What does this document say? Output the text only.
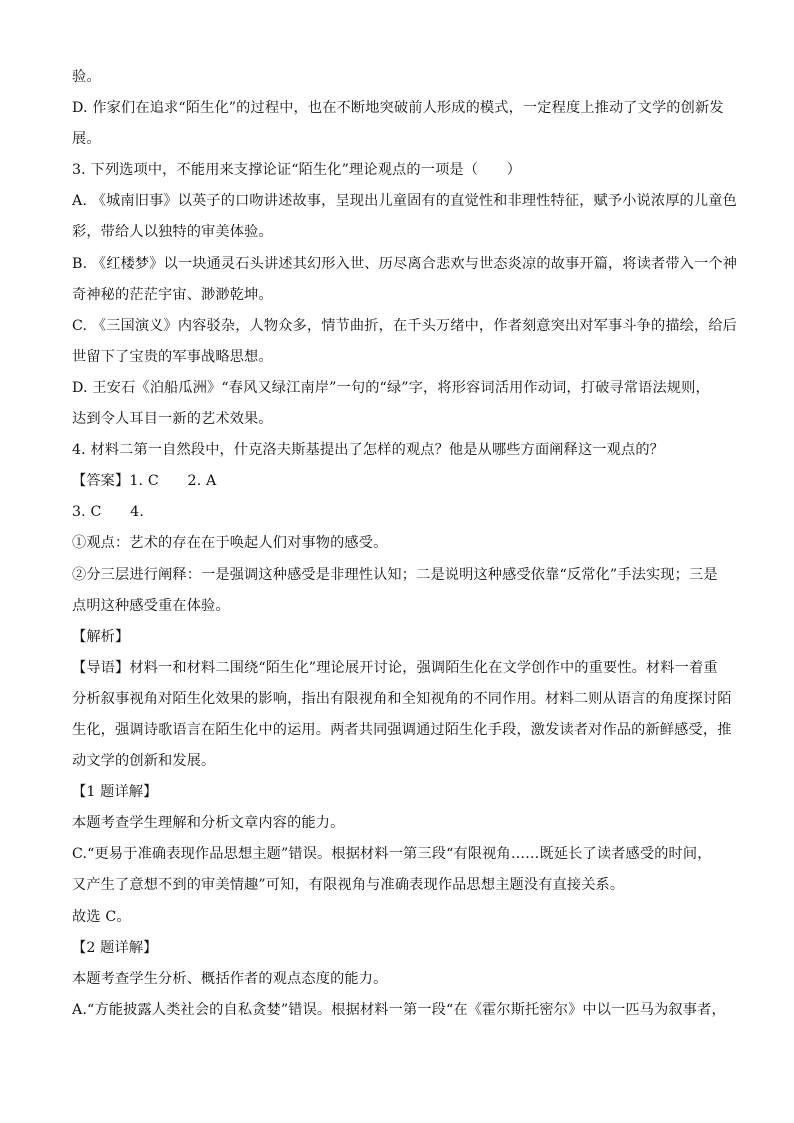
验。
D. 作家们在追求“陌生化”的过程中，也在不断地突破前人形成的模式，一定程度上推动了文学的创新发
展。
3. 下列选项中，不能用来支撑论证“陌生化”理论观点的一项是（　　）
A. 《城南旧事》以英子的口吻讲述故事，呈现出儿童固有的直觉性和非理性特征，赋予小说浓厚的儿童色
彩，带给人以独特的审美体验。
B. 《红楼梦》以一块通灵石头讲述其幻形入世、历尽离合悲欢与世态炎凉的故事开篇，将读者带入一个神
奇神秘的茫茫宇宙、渺渺乾坤。
C. 《三国演义》内容驳杂，人物众多，情节曲折，在千头万绪中，作者刻意突出对军事斗争的描绘，给后
世留下了宝贵的军事战略思想。
D. 王安石《泊船瓜洲》“春风又绿江南岸”一句的“绿”字，将形容词活用作动词，打破寻常语法规则，
达到令人耳目一新的艺术效果。
4. 材料二第一自然段中，什克洛夫斯基提出了怎样的观点？他是从哪些方面阐释这一观点的？
【答案】1. C　　2. A
3. C　　4.
①观点：艺术的存在在于唤起人们对事物的感受。
②分三层进行阐释：一是强调这种感受是非理性认知；二是说明这种感受依靠“反常化”手法实现；三是
点明这种感受重在体验。
【解析】
【导语】材料一和材料二围绕“陌生化”理论展开讨论，强调陌生化在文学创作中的重要性。材料一着重
分析叙事视角对陌生化效果的影响，指出有限视角和全知视角的不同作用。材料二则从语言的角度探讨陌
生化，强调诗歌语言在陌生化中的运用。两者共同强调通过陌生化手段，激发读者对作品的新鲜感受，推
动文学的创新和发展。
【1 题详解】
本题考查学生理解和分析文章内容的能力。
C.“更易于准确表现作品思想主题”错误。根据材料一第三段“有限视角……既延长了读者感受的时间，
又产生了意想不到的审美情趣”可知，有限视角与准确表现作品思想主题没有直接关系。
故选 C。
【2 题详解】
本题考查学生分析、概括作者的观点态度的能力。
A.“方能披露人类社会的自私贪婪”错误。根据材料一第一段“在《霍尔斯托密尔》中以一匹马为叙事者，
